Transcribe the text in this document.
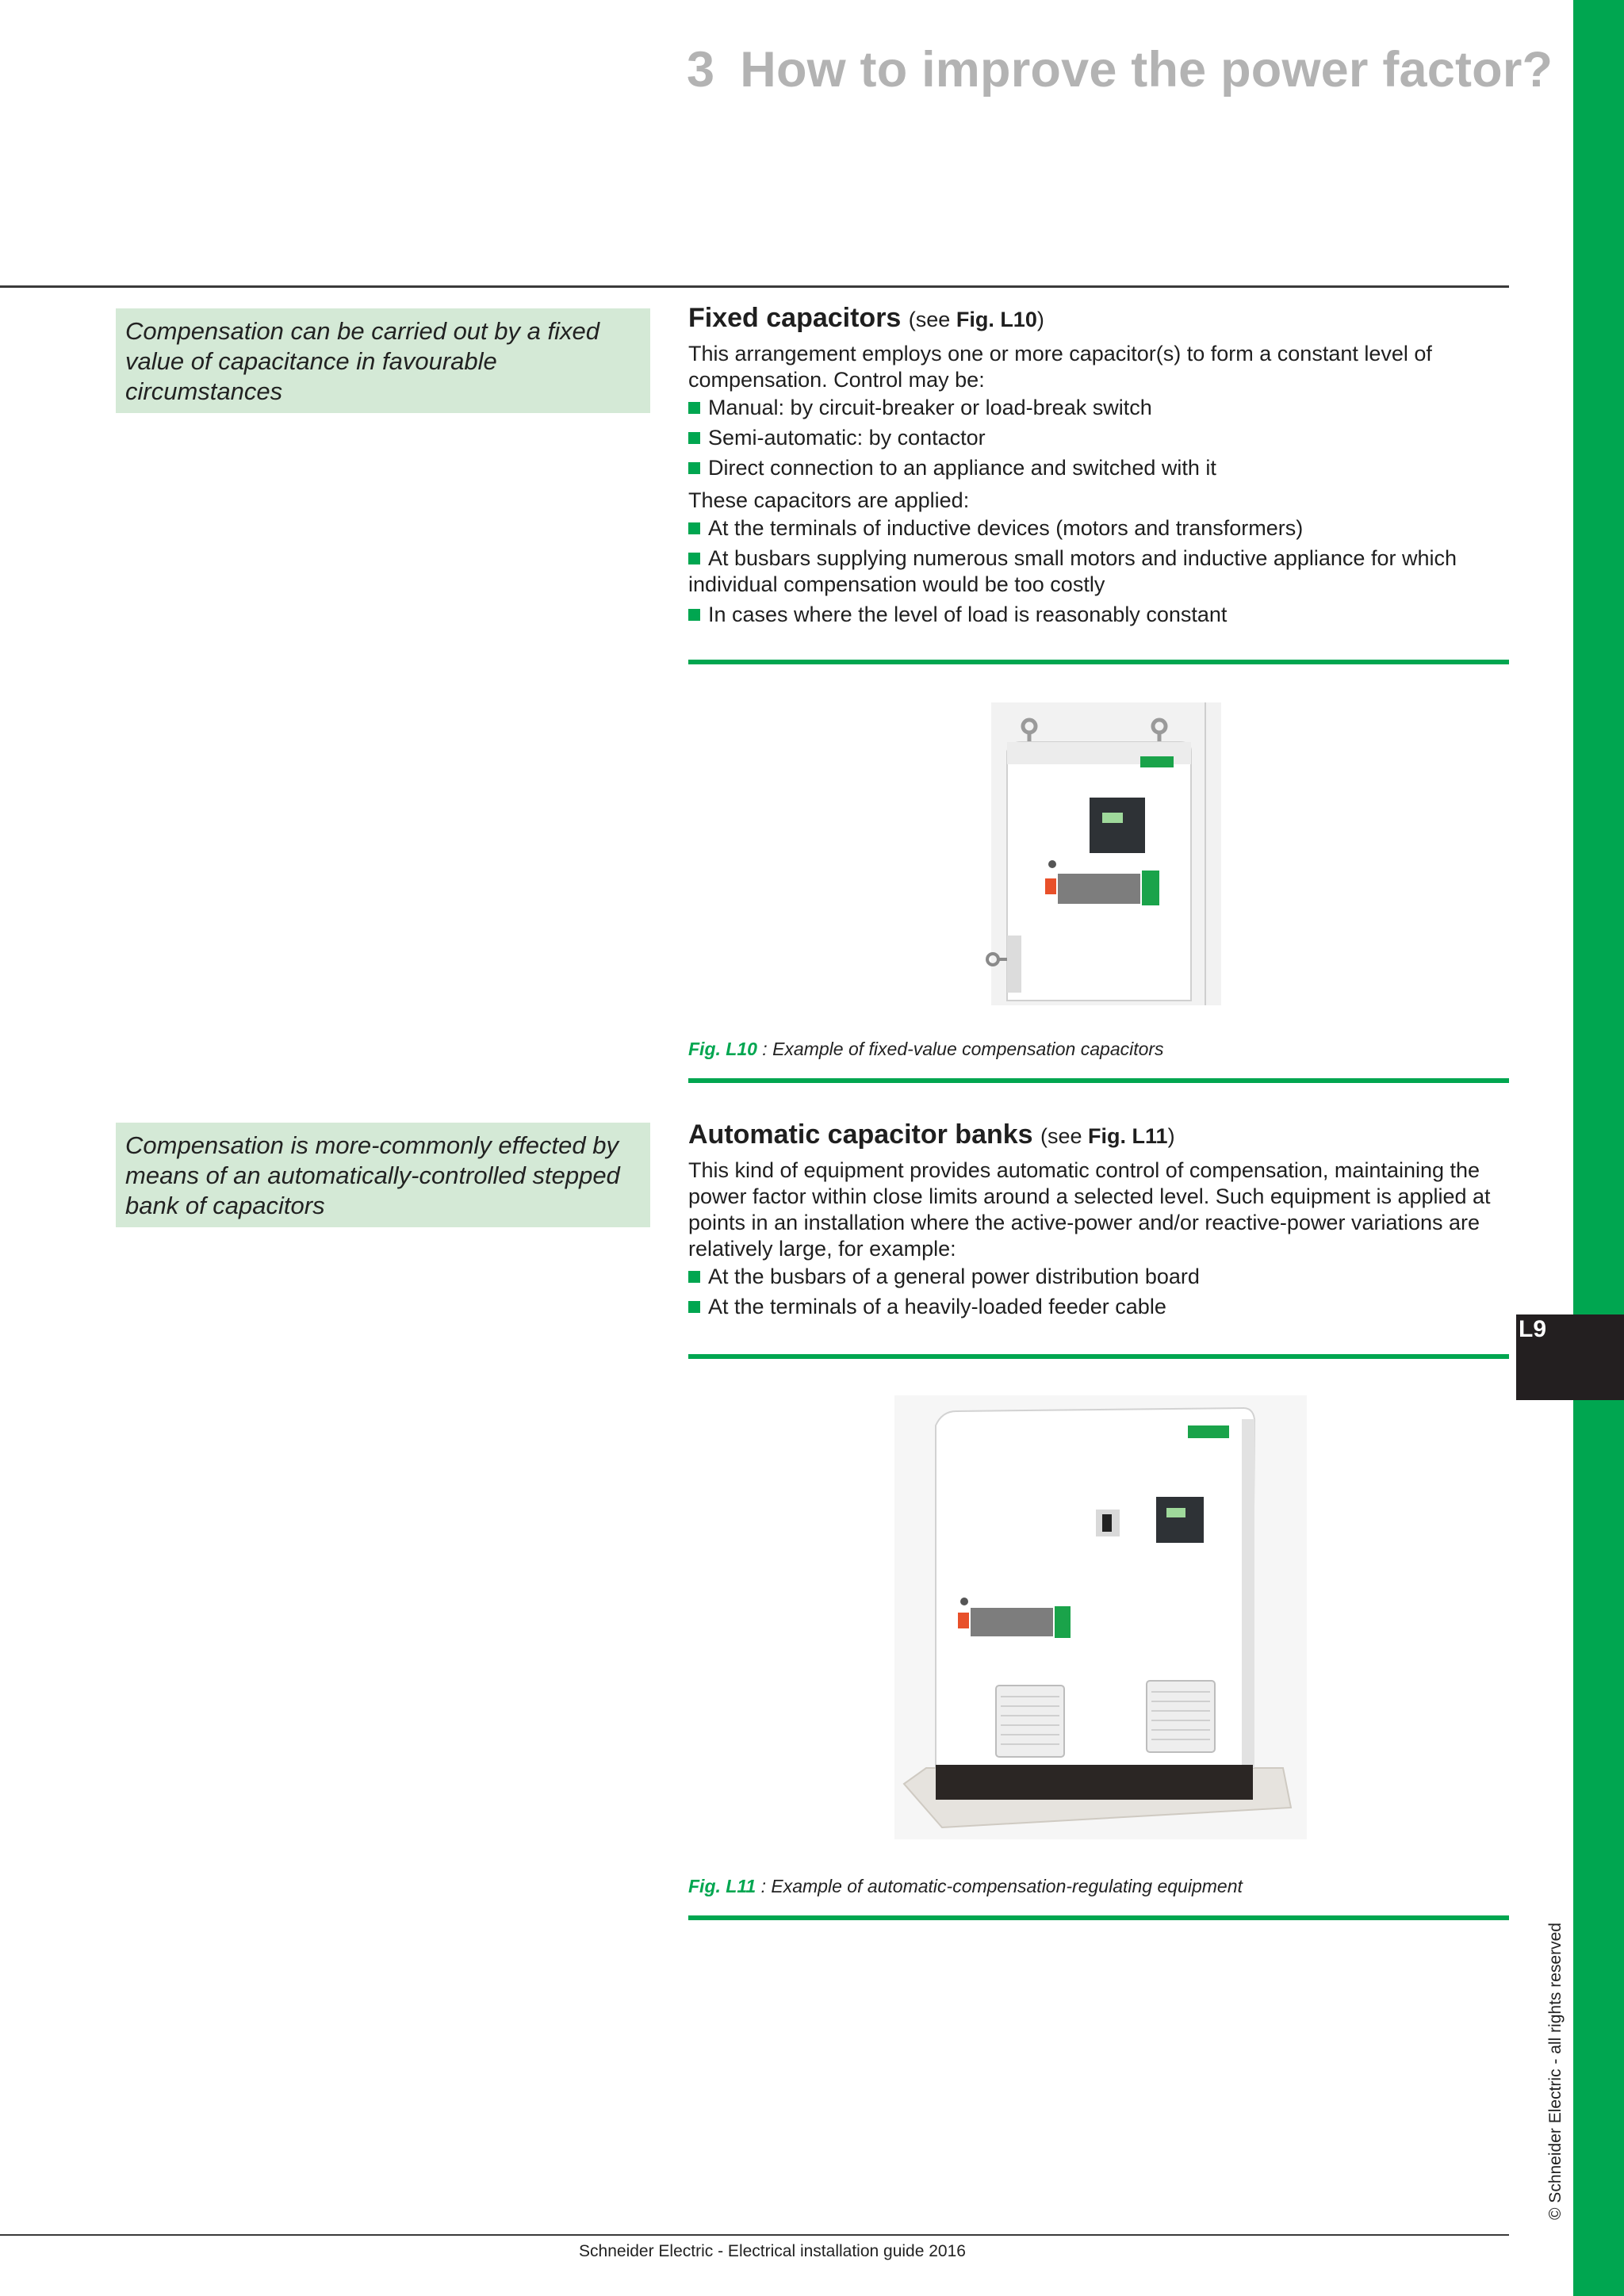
3 How to improve the power factor?
Compensation can be carried out by a fixed value of capacitance in favourable circumstances
Fixed capacitors (see Fig. L10)

This arrangement employs one or more capacitor(s) to form a constant level of compensation. Control may be:

Manual: by circuit-breaker or load-break switch
Semi-automatic: by contactor
Direct connection to an appliance and switched with it

These capacitors are applied:

At the terminals of inductive devices (motors and transformers)
At busbars supplying numerous small motors and inductive appliance for which individual compensation would be too costly
In cases where the level of load is reasonably constant
Fig. L10 : Example of fixed-value compensation capacitors
Compensation is more-commonly effected by means of an automatically-controlled stepped bank of capacitors
Automatic capacitor banks (see Fig. L11)

This kind of equipment provides automatic control of compensation, maintaining the power factor within close limits around a selected level. Such equipment is applied at points in an installation where the active-power and/or reactive-power variations are relatively large, for example:

At the busbars of a general power distribution board
At the terminals of a heavily-loaded feeder cable
Fig. L11 : Example of automatic-compensation-regulating equipment
L9
© Schneider Electric - all rights reserved
Schneider Electric - Electrical installation guide 2016
